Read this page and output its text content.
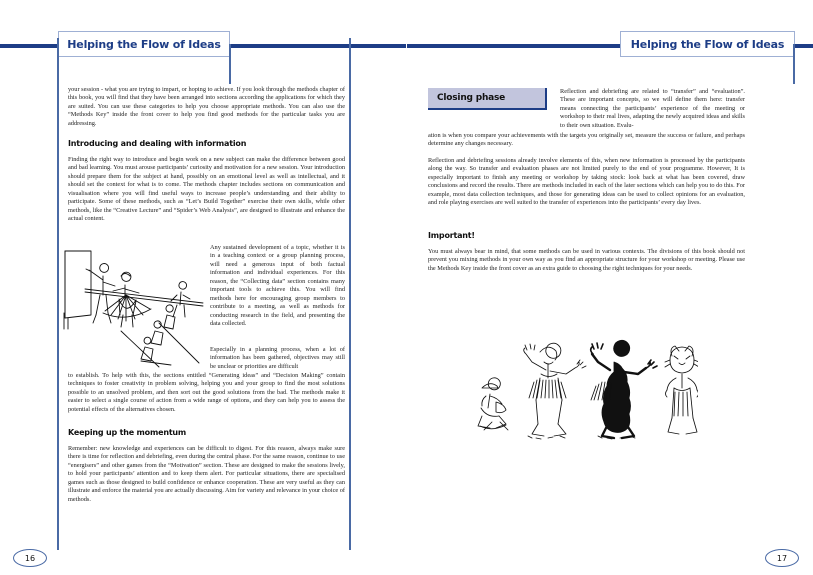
Helping the Flow of Ideas

your session - what you are trying to impart, or hoping to achieve. If you look through the methods chapter of this book, you will find that they have been arranged into sections according the applications for which they are suited. You can use these categories to help you choose appropriate methods. You can also use the “Methods Key” inside the front cover to help you find good methods for the particular tasks you are addressing.

Introducing and dealing with information

Finding the right way to introduce and begin work on a new subject can make the difference between good and bad learning. You must arouse participants’ curiosity and motivation for a new session. Your introduction should prepare them for the subject at hand, possibly on an emotional level as well as intellectual, and it should set the context for what is to come. The methods chapter includes sections on communication and visualisation where you will find useful ways to increase people’s understanding and their ability to participate. Some of these methods, such as “Let’s Build Together” exercise their own skills, while other methods, like the “Creative Lecture” and “Spider’s Web Analysis”, are designed to illustrate and enhance the actual content.

Any sustained development of a topic, whether it is in a teaching context or a group planning process, will need a generous input of both factual information and individual experiences. For this reason, the “Collecting data” section contains many important tools to achieve this. You will find methods here for encouraging group members to contribute to a meeting, as well as methods for conducting research in the field, and presenting the data collected.

Especially in a planning process, when a lot of information has been gathered, objectives may still be unclear or priorities are difficult

to establish. To help with this, the sections entitled “Generating ideas” and “Decision Making” contain techniques to foster creativity in problem solving, helping you and your group to find the most solutions possible to an unsolved problem, and then sort out the good solutions from the bad. The methods make it easier to select a single course of action from a wide range of options, and they can help you to assess the potential effects of the alternatives chosen.

Keeping up the momentum

Remember: new knowledge and experiences can be difficult to digest. For this reason, always make sure there is time for reflection and debriefing, even during the central phase. For the same reason, continue to use “energisers” and other games from the “Motivation” section. These are designed to make the sessions lively, to hold your participants’ attention and to keep them alert. For particular situations, there are specialised games such as those designed to build confidence or enhance cooperation. These are very useful as they can illustrate and enforce the material you are actually discussing. Aim for variety and relevance in your choice of methods.

16
Helping the Flow of Ideas
Closing phase

Reflection and debriefing are related to “transfer” and “evaluation”. These are important concepts, so we will define them here: transfer means connecting the participants’ experience of the meeting or workshop to their real lives, adapting the newly acquired ideas and skills to their own situation. Evalu-

ation is when you compare your achievements with the targets you originally set, measure the success or failure, and perhaps determine any changes necessary.

Reflection and debriefing sessions already involve elements of this, when new information is processed by the participants along the way. So transfer and evaluation phases are not limited purely to the end of your programme. However, It is especially important to finish any meeting or workshop by taking stock: look back at what has been covered, draw conclusions and record the results. There are methods included in each of the later sections which can help you to do this. For example, most data collection techniques, and those for generating ideas can be used to collect opinions for an evaluation, and role playing exercises are well suited to the transfer of experiences into the participants’ every day lives.

Important!

You must always bear in mind, that some methods can be used in various contexts. The divisions of this book should not prevent you mixing methods in your own way as you find an appropriate structure for your workshop or meeting. Please use the Methods Key inside the front cover as an extra guide to choosing the right techniques for your needs.

17
